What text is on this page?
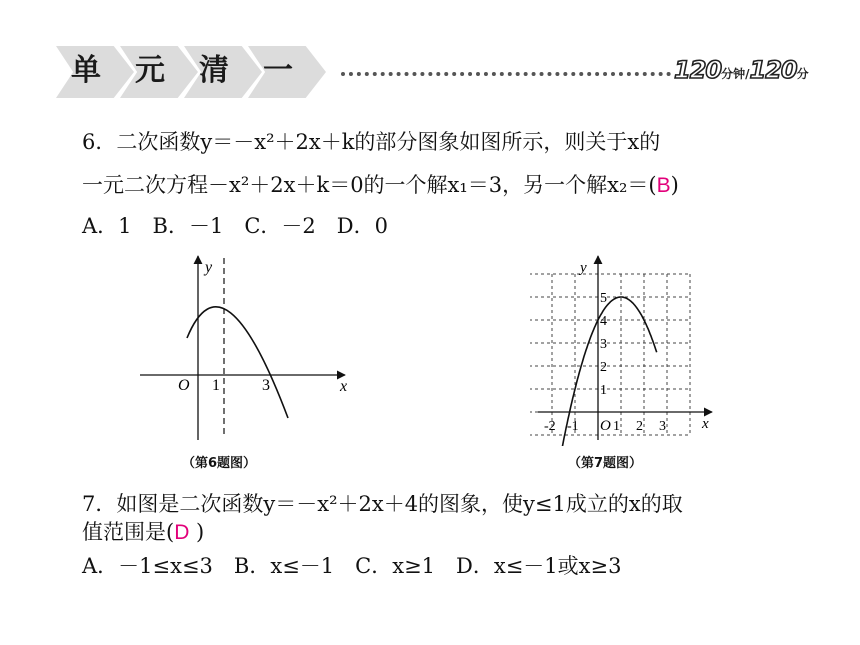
单 元 清 一	120分钟/120分
6．二次函数y＝－x²＋2x＋k的部分图象如图所示，则关于x的
一元二次方程－x²＋2x＋k＝0的一个解x₁＝3，另一个解x₂＝(B)
A．1　B．－1　C．－2　D．0
y
x
O 1	3
（第6题图）
y
x
O
-2 -1 1 2 3
1
2
3
4
5
（第7题图）
7．如图是二次函数y＝－x²＋2x＋4的图象，使y≤1成立的x的取
值范围是(D )
A．－1≤x≤3　B．x≤－1　C．x≥1　D．x≤－1或x≥3
